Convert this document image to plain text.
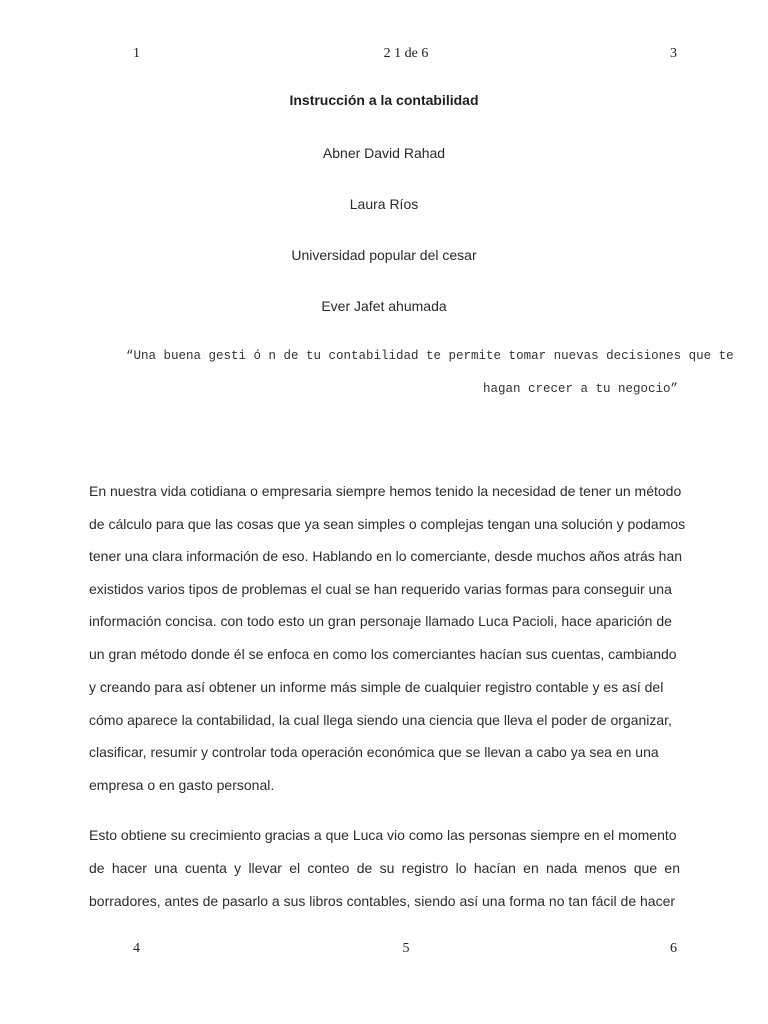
1	2 1 de 6	3
Instrucción a la contabilidad
Abner David Rahad
Laura Ríos
Universidad popular del cesar
Ever Jafet ahumada
“Una buena gesti ó n de tu contabilidad te permite tomar nuevas decisiones que te
hagan crecer a tu negocio”
En nuestra vida cotidiana o empresaria siempre hemos tenido la necesidad de tener un método
de cálculo para que las cosas que ya sean simples o complejas tengan una solución y podamos
tener una clara información de eso. Hablando en lo comerciante, desde muchos años atrás han
existidos varios tipos de problemas el cual se han requerido varias formas para conseguir una
información concisa. con todo esto un gran personaje llamado Luca Pacioli, hace aparición de
un gran método donde él se enfoca en como los comerciantes hacían sus cuentas, cambiando
y creando para así obtener un informe más simple de cualquier registro contable y es así del
cómo aparece la contabilidad, la cual llega siendo una ciencia que lleva el poder de organizar,
clasificar, resumir y controlar toda operación económica que se llevan a cabo ya sea en una
empresa o en gasto personal.
Esto obtiene su crecimiento gracias a que Luca vio como las personas siempre en el momento
de hacer una cuenta y llevar el conteo de su registro lo hacían en nada menos que en
borradores, antes de pasarlo a sus libros contables, siendo así una forma no tan fácil de hacer
4	5	6
